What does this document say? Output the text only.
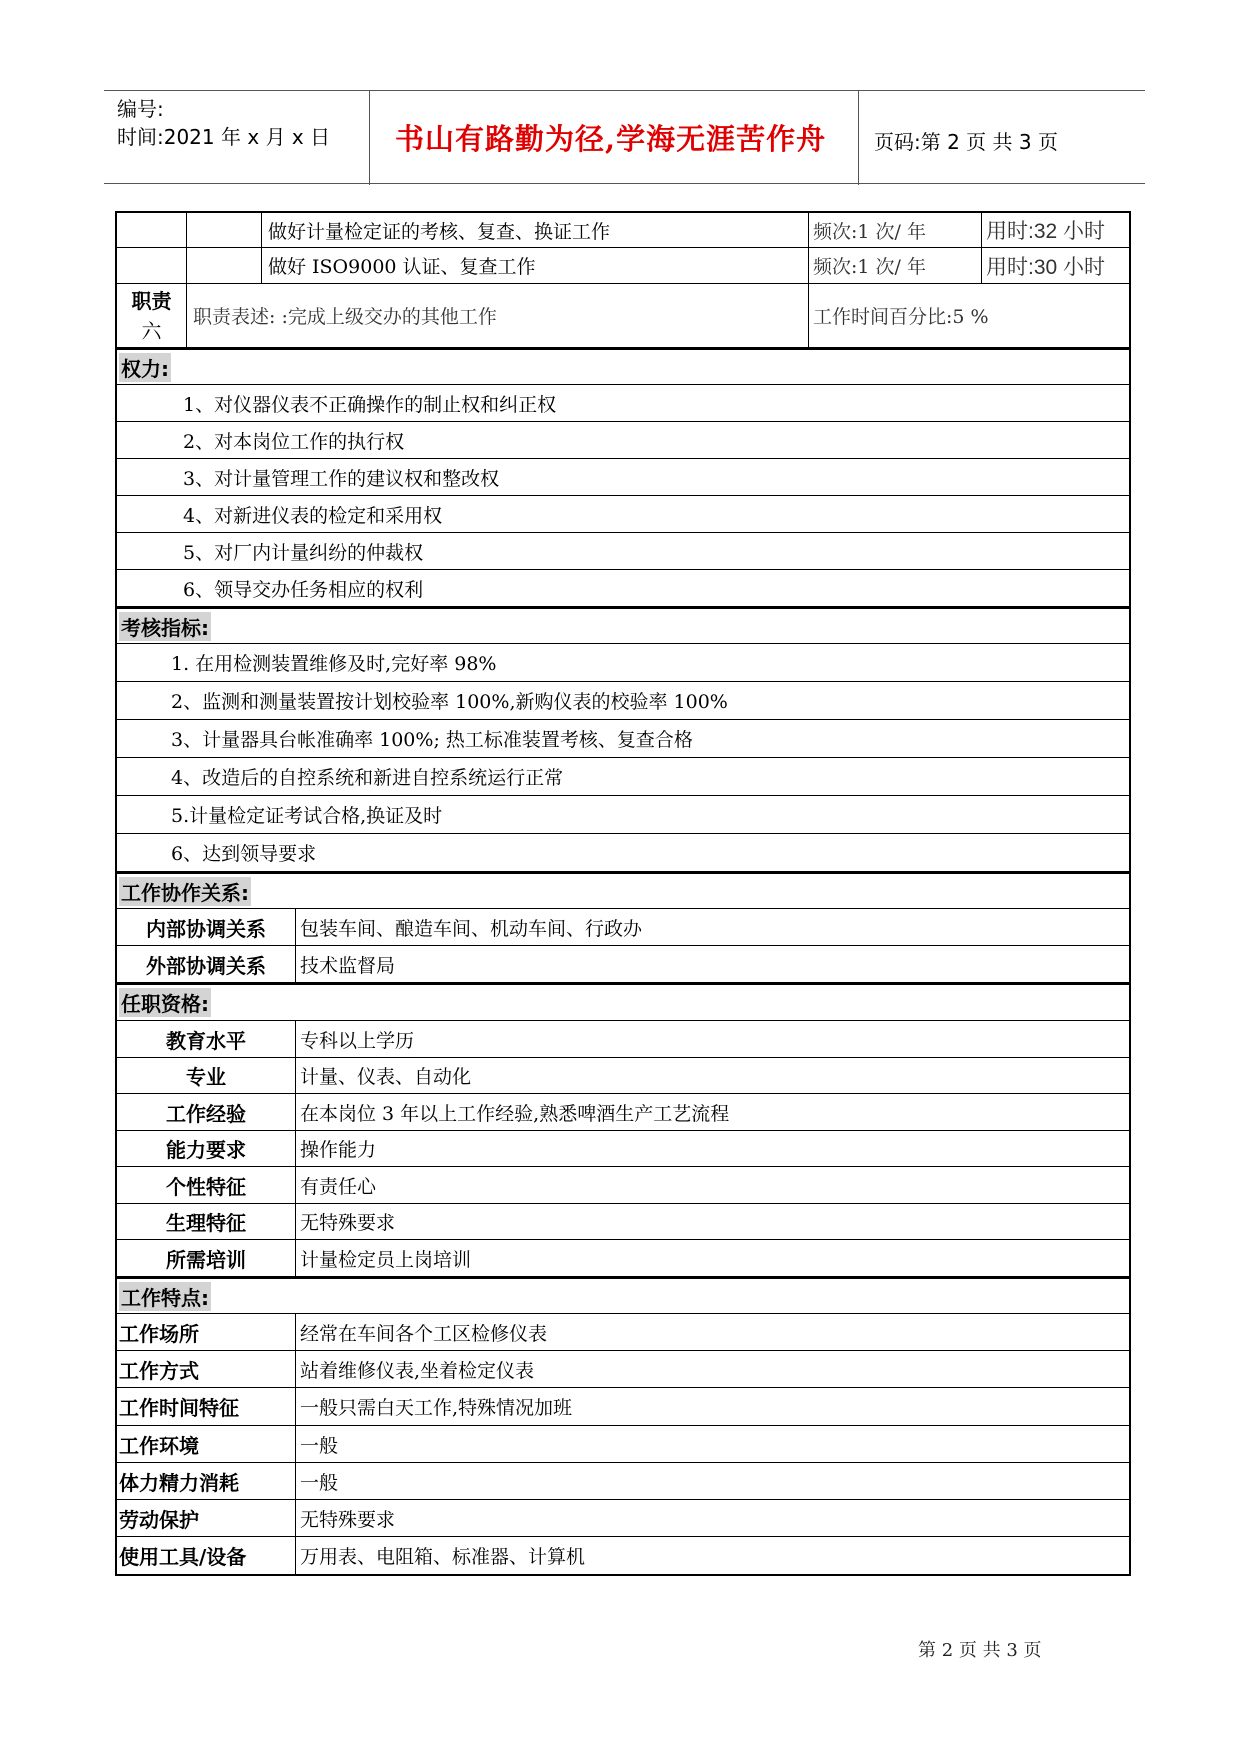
编号:
时间:2021 年 x 月 x 日 书山有路勤为径,学海无涯苦作舟 页码:第 2 页 共 3 页
做好计量检定证的考核、复查、换证工作	频次:1 次/ 年	用时:32 小时
做好 ISO9000 认证、复查工作	频次:1 次/ 年	用时:30 小时
职责
六
职责表述: :完成上级交办的其他工作	工作时间百分比:5 %
权力:
1、对仪器仪表不正确操作的制止权和纠正权
2、对本岗位工作的执行权
3、对计量管理工作的建议权和整改权
4、对新进仪表的检定和采用权
5、对厂内计量纠纷的仲裁权
6、领导交办任务相应的权利
考核指标:
1. 在用检测装置维修及时,完好率 98%
2、监测和测量装置按计划校验率 100%,新购仪表的校验率 100%
3、计量器具台帐准确率 100%; 热工标准装置考核、复查合格
4、改造后的自控系统和新进自控系统运行正常
5.计量检定证考试合格,换证及时
6、达到领导要求
工作协作关系:
内部协调关系	包装车间、酿造车间、机动车间、行政办
外部协调关系	技术监督局
任职资格:
教育水平	专科以上学历
专业	计量、仪表、自动化
工作经验	在本岗位 3 年以上工作经验,熟悉啤酒生产工艺流程
能力要求	操作能力
个性特征	有责任心
生理特征	无特殊要求
所需培训	计量检定员上岗培训
工作特点:
工作场所	经常在车间各个工区检修仪表
工作方式	站着维修仪表,坐着检定仪表
工作时间特征	一般只需白天工作,特殊情况加班
工作环境	一般
体力精力消耗	一般
劳动保护	无特殊要求
使用工具/设备	万用表、电阻箱、标准器、计算机
第 2 页 共 3 页
